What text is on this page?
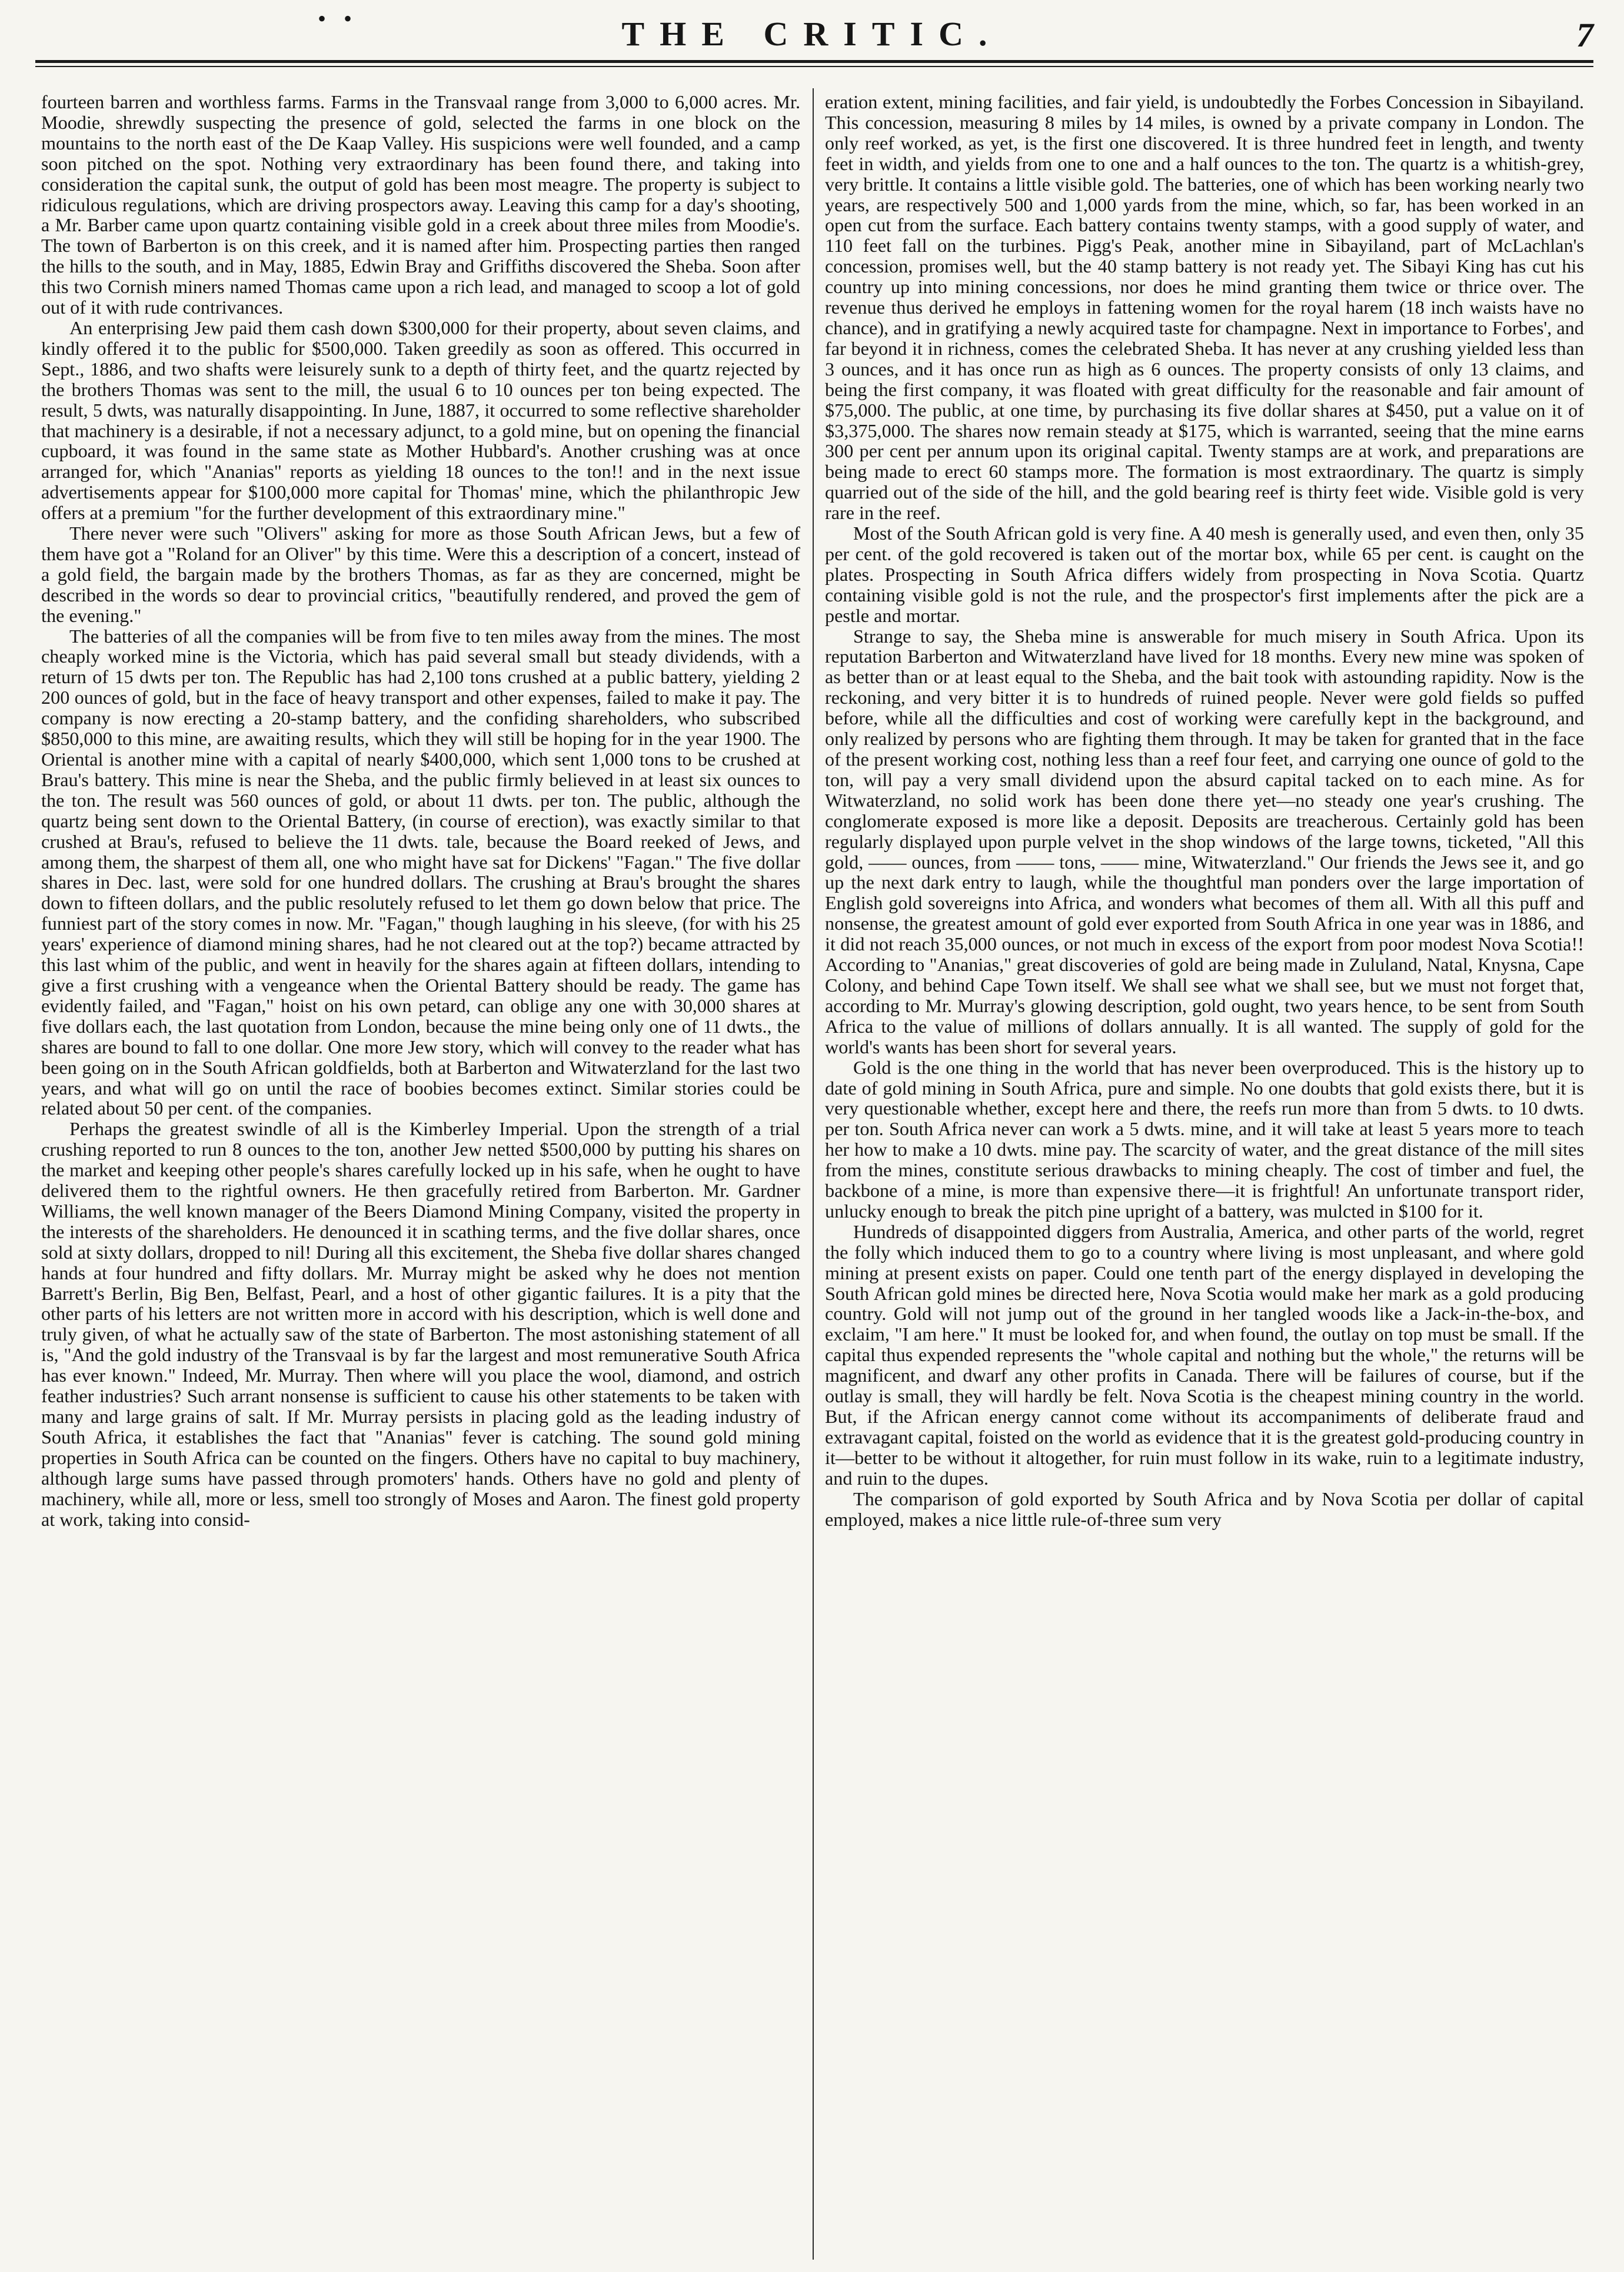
• •	THE CRITIC.	7

fourteen barren and worthless farms. Farms in the Transvaal range from 3,000 to 6,000 acres. Mr. Moodie, shrewdly suspecting the presence of gold, selected the farms in one block on the mountains to the north east of the De Kaap Valley. His suspicions were well founded, and a camp soon pitched on the spot. Nothing very extraordinary has been found there, and taking into consideration the capital sunk, the output of gold has been most meagre. The property is subject to ridiculous regulations, which are driving prospectors away. Leaving this camp for a day's shooting, a Mr. Barber came upon quartz containing visible gold in a creek about three miles from Moodie's. The town of Barberton is on this creek, and it is named after him. Prospecting parties then ranged the hills to the south, and in May, 1885, Edwin Bray and Griffiths discovered the Sheba. Soon after this two Cornish miners named Thomas came upon a rich lead, and managed to scoop a lot of gold out of it with rude contrivances.

An enterprising Jew paid them cash down $300,000 for their property, about seven claims, and kindly offered it to the public for $500,000. Taken greedily as soon as offered. This occurred in Sept., 1886, and two shafts were leisurely sunk to a depth of thirty feet, and the quartz rejected by the brothers Thomas was sent to the mill, the usual 6 to 10 ounces per ton being expected. The result, 5 dwts, was naturally disappointing. In June, 1887, it occurred to some reflective shareholder that machinery is a desirable, if not a necessary adjunct, to a gold mine, but on opening the financial cupboard, it was found in the same state as Mother Hubbard's. Another crushing was at once arranged for, which "Ananias" reports as yielding 18 ounces to the ton!! and in the next issue advertisements appear for $100,000 more capital for Thomas' mine, which the philanthropic Jew offers at a premium "for the further development of this extraordinary mine."

There never were such "Olivers" asking for more as those South African Jews, but a few of them have got a "Roland for an Oliver" by this time. Were this a description of a concert, instead of a gold field, the bargain made by the brothers Thomas, as far as they are concerned, might be described in the words so dear to provincial critics, "beautifully rendered, and proved the gem of the evening."

The batteries of all the companies will be from five to ten miles away from the mines. The most cheaply worked mine is the Victoria, which has paid several small but steady dividends, with a return of 15 dwts per ton. The Republic has had 2,100 tons crushed at a public battery, yielding 2 200 ounces of gold, but in the face of heavy transport and other expenses, failed to make it pay. The company is now erecting a 20-stamp battery, and the confiding shareholders, who subscribed $850,000 to this mine, are awaiting results, which they will still be hoping for in the year 1900. The Oriental is another mine with a capital of nearly $400,000, which sent 1,000 tons to be crushed at Brau's battery. This mine is near the Sheba, and the public firmly believed in at least six ounces to the ton. The result was 560 ounces of gold, or about 11 dwts. per ton. The public, although the quartz being sent down to the Oriental Battery, (in course of erection), was exactly similar to that crushed at Brau's, refused to believe the 11 dwts. tale, because the Board reeked of Jews, and among them, the sharpest of them all, one who might have sat for Dickens' "Fagan." The five dollar shares in Dec. last, were sold for one hundred dollars. The crushing at Brau's brought the shares down to fifteen dollars, and the public resolutely refused to let them go down below that price. The funniest part of the story comes in now. Mr. "Fagan," though laughing in his sleeve, (for with his 25 years' experience of diamond mining shares, had he not cleared out at the top?) became attracted by this last whim of the public, and went in heavily for the shares again at fifteen dollars, intending to give a first crushing with a vengeance when the Oriental Battery should be ready. The game has evidently failed, and "Fagan," hoist on his own petard, can oblige any one with 30,000 shares at five dollars each, the last quotation from London, because the mine being only one of 11 dwts., the shares are bound to fall to one dollar. One more Jew story, which will convey to the reader what has been going on in the South African goldfields, both at Barberton and Witwaterzland for the last two years, and what will go on until the race of boobies becomes extinct. Similar stories could be related about 50 per cent. of the companies.

Perhaps the greatest swindle of all is the Kimberley Imperial. Upon the strength of a trial crushing reported to run 8 ounces to the ton, another Jew netted $500,000 by putting his shares on the market and keeping other people's shares carefully locked up in his safe, when he ought to have delivered them to the rightful owners. He then gracefully retired from Barberton. Mr. Gardner Williams, the well known manager of the Beers Diamond Mining Company, visited the property in the interests of the shareholders. He denounced it in scathing terms, and the five dollar shares, once sold at sixty dollars, dropped to nil! During all this excitement, the Sheba five dollar shares changed hands at four hundred and fifty dollars. Mr. Murray might be asked why he does not mention Barrett's Berlin, Big Ben, Belfast, Pearl, and a host of other gigantic failures. It is a pity that the other parts of his letters are not written more in accord with his description, which is well done and truly given, of what he actually saw of the state of Barberton. The most astonishing statement of all is, "And the gold industry of the Transvaal is by far the largest and most remunerative South Africa has ever known." Indeed, Mr. Murray. Then where will you place the wool, diamond, and ostrich feather industries? Such arrant nonsense is sufficient to cause his other statements to be taken with many and large grains of salt. If Mr. Murray persists in placing gold as the leading industry of South Africa, it establishes the fact that "Ananias" fever is catching. The sound gold mining properties in South Africa can be counted on the fingers. Others have no capital to buy machinery, although large sums have passed through promoters' hands. Others have no gold and plenty of machinery, while all, more or less, smell too strongly of Moses and Aaron. The finest gold property at work, taking into consid-

eration extent, mining facilities, and fair yield, is undoubtedly the Forbes Concession in Sibayiland. This concession, measuring 8 miles by 14 miles, is owned by a private company in London. The only reef worked, as yet, is the first one discovered. It is three hundred feet in length, and twenty feet in width, and yields from one to one and a half ounces to the ton. The quartz is a whitish-grey, very brittle. It contains a little visible gold. The batteries, one of which has been working nearly two years, are respectively 500 and 1,000 yards from the mine, which, so far, has been worked in an open cut from the surface. Each battery contains twenty stamps, with a good supply of water, and 110 feet fall on the turbines. Pigg's Peak, another mine in Sibayiland, part of McLachlan's concession, promises well, but the 40 stamp battery is not ready yet. The Sibayi King has cut his country up into mining concessions, nor does he mind granting them twice or thrice over. The revenue thus derived he employs in fattening women for the royal harem (18 inch waists have no chance), and in gratifying a newly acquired taste for champagne. Next in importance to Forbes', and far beyond it in richness, comes the celebrated Sheba. It has never at any crushing yielded less than 3 ounces, and it has once run as high as 6 ounces. The property consists of only 13 claims, and being the first company, it was floated with great difficulty for the reasonable and fair amount of $75,000. The public, at one time, by purchasing its five dollar shares at $450, put a value on it of $3,375,000. The shares now remain steady at $175, which is warranted, seeing that the mine earns 300 per cent per annum upon its original capital. Twenty stamps are at work, and preparations are being made to erect 60 stamps more. The formation is most extraordinary. The quartz is simply quarried out of the side of the hill, and the gold bearing reef is thirty feet wide. Visible gold is very rare in the reef.

Most of the South African gold is very fine. A 40 mesh is generally used, and even then, only 35 per cent. of the gold recovered is taken out of the mortar box, while 65 per cent. is caught on the plates. Prospecting in South Africa differs widely from prospecting in Nova Scotia. Quartz containing visible gold is not the rule, and the prospector's first implements after the pick are a pestle and mortar.

Strange to say, the Sheba mine is answerable for much misery in South Africa. Upon its reputation Barberton and Witwaterzland have lived for 18 months. Every new mine was spoken of as better than or at least equal to the Sheba, and the bait took with astounding rapidity. Now is the reckoning, and very bitter it is to hundreds of ruined people. Never were gold fields so puffed before, while all the difficulties and cost of working were carefully kept in the background, and only realized by persons who are fighting them through. It may be taken for granted that in the face of the present working cost, nothing less than a reef four feet, and carrying one ounce of gold to the ton, will pay a very small dividend upon the absurd capital tacked on to each mine. As for Witwaterzland, no solid work has been done there yet—no steady one year's crushing. The conglomerate exposed is more like a deposit. Deposits are treacherous. Certainly gold has been regularly displayed upon purple velvet in the shop windows of the large towns, ticketed, "All this gold, —— ounces, from —— tons, —— mine, Witwaterzland." Our friends the Jews see it, and go up the next dark entry to laugh, while the thoughtful man ponders over the large importation of English gold sovereigns into Africa, and wonders what becomes of them all. With all this puff and nonsense, the greatest amount of gold ever exported from South Africa in one year was in 1886, and it did not reach 35,000 ounces, or not much in excess of the export from poor modest Nova Scotia!! According to "Ananias," great discoveries of gold are being made in Zululand, Natal, Knysna, Cape Colony, and behind Cape Town itself. We shall see what we shall see, but we must not forget that, according to Mr. Murray's glowing description, gold ought, two years hence, to be sent from South Africa to the value of millions of dollars annually. It is all wanted. The supply of gold for the world's wants has been short for several years.

Gold is the one thing in the world that has never been overproduced. This is the history up to date of gold mining in South Africa, pure and simple. No one doubts that gold exists there, but it is very questionable whether, except here and there, the reefs run more than from 5 dwts. to 10 dwts. per ton. South Africa never can work a 5 dwts. mine, and it will take at least 5 years more to teach her how to make a 10 dwts. mine pay. The scarcity of water, and the great distance of the mill sites from the mines, constitute serious drawbacks to mining cheaply. The cost of timber and fuel, the backbone of a mine, is more than expensive there—it is frightful! An unfortunate transport rider, unlucky enough to break the pitch pine upright of a battery, was mulcted in $100 for it.

Hundreds of disappointed diggers from Australia, America, and other parts of the world, regret the folly which induced them to go to a country where living is most unpleasant, and where gold mining at present exists on paper. Could one tenth part of the energy displayed in developing the South African gold mines be directed here, Nova Scotia would make her mark as a gold producing country. Gold will not jump out of the ground in her tangled woods like a Jack-in-the-box, and exclaim, "I am here." It must be looked for, and when found, the outlay on top must be small. If the capital thus expended represents the "whole capital and nothing but the whole," the returns will be magnificent, and dwarf any other profits in Canada. There will be failures of course, but if the outlay is small, they will hardly be felt. Nova Scotia is the cheapest mining country in the world. But, if the African energy cannot come without its accompaniments of deliberate fraud and extravagant capital, foisted on the world as evidence that it is the greatest gold-producing country in it—better to be without it altogether, for ruin must follow in its wake, ruin to a legitimate industry, and ruin to the dupes.

The comparison of gold exported by South Africa and by Nova Scotia per dollar of capital employed, makes a nice little rule-of-three sum very
